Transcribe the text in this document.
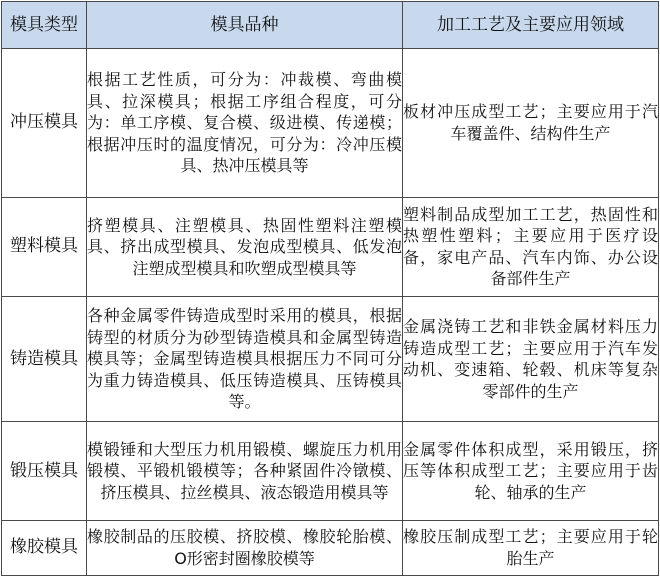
模具类型	模具品种	加工工艺及主要应用领域
冲压模具	根据工艺性质，可分为：冲裁模、弯曲模具、拉深模具；根据工序组合程度，可分为：单工序模、复合模、级进模、传递模；根据冲压时的温度情况，可分为：冷冲压模具、热冲压模具等	板材冲压成型工艺；主要应用于汽车覆盖件、结构件生产
塑料模具	挤塑模具、注塑模具、热固性塑料注塑模具、挤出成型模具、发泡成型模具、低发泡注塑成型模具和吹塑成型模具等	塑料制品成型加工工艺，热固性和热塑性塑料；主要应用于医疗设备，家电产品、汽车内饰、办公设备部件生产
铸造模具	各种金属零件铸造成型时采用的模具，根据铸型的材质分为砂型铸造模具和金属型铸造模具等；金属型铸造模具根据压力不同可分为重力铸造模具、低压铸造模具、压铸模具等。	金属浇铸工艺和非铁金属材料压力铸造成型工艺；主要应用于汽车发动机、变速箱、轮毂、机床等复杂零部件的生产
锻压模具	模锻锤和大型压力机用锻模、螺旋压力机用锻模、平锻机锻模等；各种紧固件冷镦模、挤压模具、拉丝模具、液态锻造用模具等	金属零件体积成型，采用锻压，挤压等体积成型工艺；主要应用于齿轮、轴承的生产
橡胶模具	橡胶制品的压胶模、挤胶模、橡胶轮胎模、O形密封圈橡胶模等	橡胶压制成型工艺；主要应用于轮胎生产
